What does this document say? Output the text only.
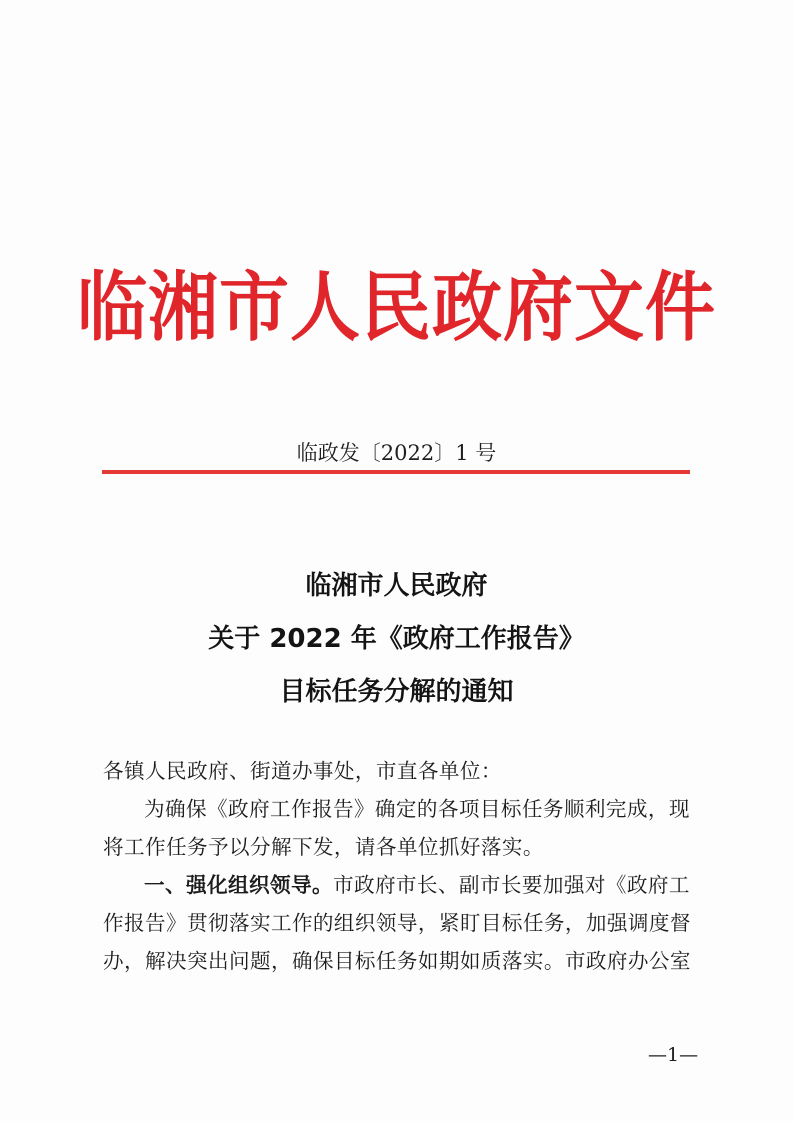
临湘市人民政府文件
临政发〔2022〕1 号
临湘市人民政府
关于 2022 年《政府工作报告》
目标任务分解的通知

各镇人民政府、街道办事处，市直各单位：

为确保《政府工作报告》确定的各项目标任务顺利完成，现将工作任务予以分解下发，请各单位抓好落实。

一、强化组织领导。市政府市长、副市长要加强对《政府工作报告》贯彻落实工作的组织领导，紧盯目标任务，加强调度督办，解决突出问题，确保目标任务如期如质落实。市政府办公室

—1—
